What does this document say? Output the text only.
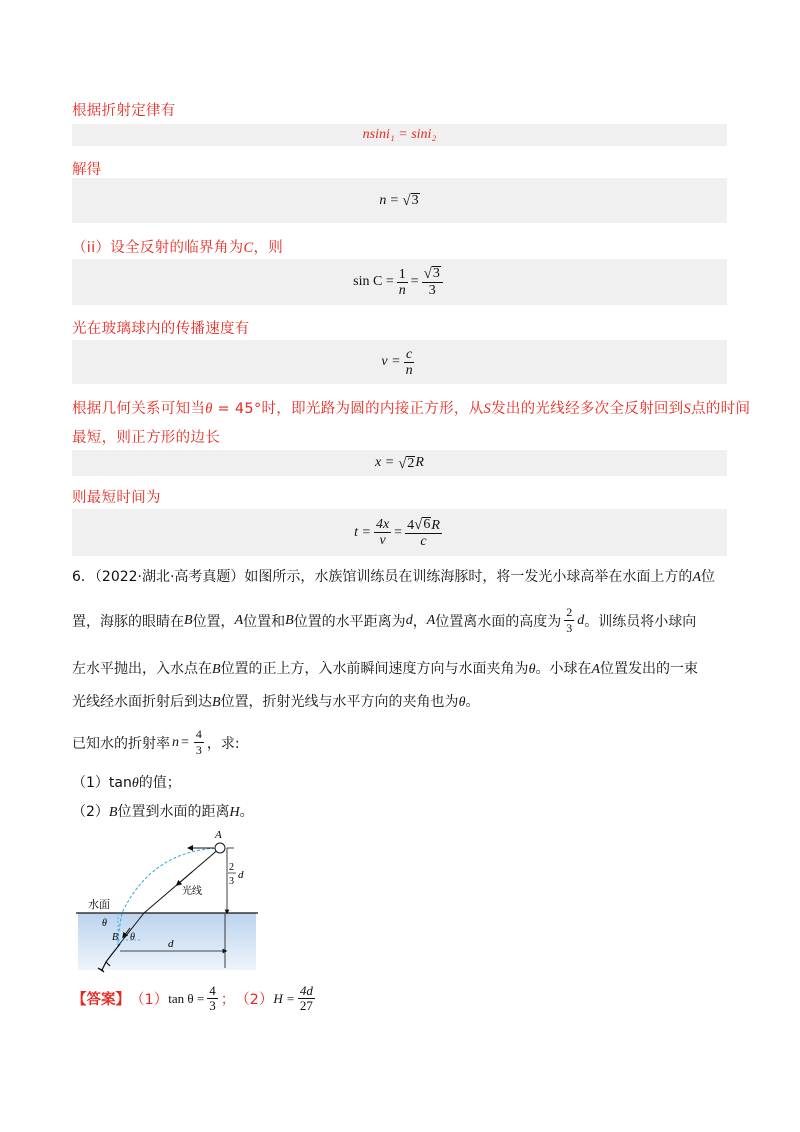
根据折射定律有
nsini₁ = sini₂
解得
n = √ 3
（ii）设全反射的临界角为C，则
$\sin C = \frac{1}{n} = \frac{√ 3}{3}$
光在玻璃球内的传播速度有
$v = \frac{c}{n}$
根据几何关系可知当θ = 45°时，即光路为圆的内接正方形，从S发出的光线经多次全反射回到S点的时间
最短，则正方形的边长
x = √ 2 R
则最短时间为
$t = \frac{4x}{v} = \frac{4 √ 6 R}{c}$
6．（2022·湖北·高考真题）如图所示，水族馆训练员在训练海豚时，将一发光小球高举在水面上方的A位
置，海豚的眼睛在 B 位置， A 位置和 B 位置的水平距离为 d ， A 位置离水面的高度为 $\frac{2}{3}$ d 。训练员将小球向
左水平抛出，入水点在B位置的正上方，入水前瞬间速度方向与水面夹角为θ。小球在A位置发出的一束
光线经水面折射后到达B位置，折射光线与水平方向的夹角也为θ。
已知水的折射率 $n = \frac{4}{3}$ ，求:
（1）tanθ的值；
（2）B位置到水面的距离H。
A
2
3
d
水面
光线
θ
B θ
d
【答案】 （1） $\tan \theta = \frac{4}{3}$ ； （2） $H = \frac{4d}{27}$
